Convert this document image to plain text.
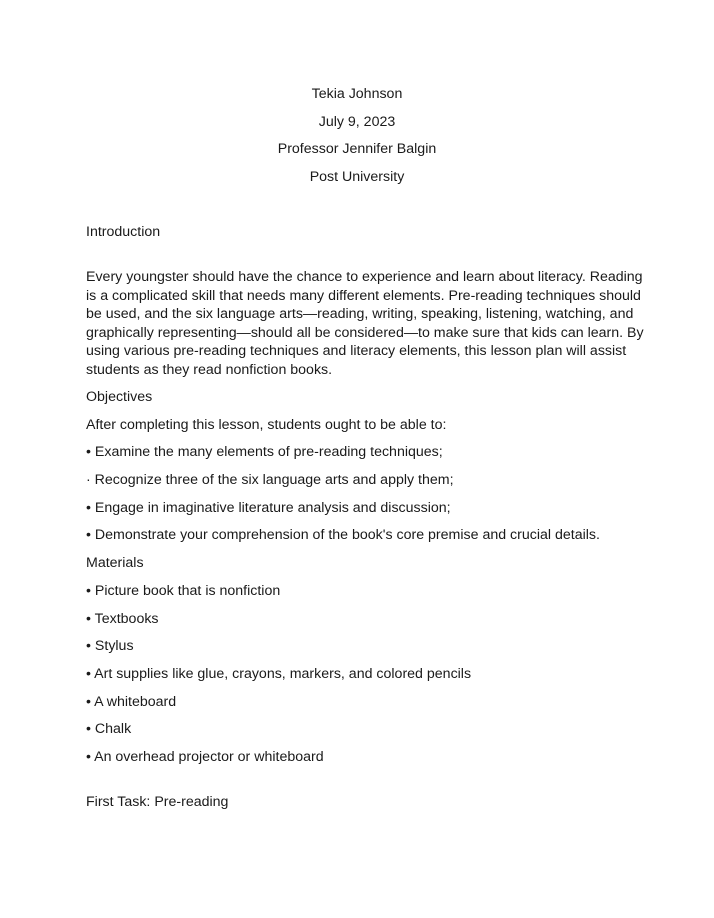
Tekia Johnson
July 9, 2023
Professor Jennifer Balgin
Post University
Introduction
Every youngster should have the chance to experience and learn about literacy. Reading is a complicated skill that needs many different elements. Pre-reading techniques should be used, and the six language arts—reading, writing, speaking, listening, watching, and graphically representing—should all be considered—to make sure that kids can learn. By using various pre-reading techniques and literacy elements, this lesson plan will assist students as they read nonfiction books.
Objectives
After completing this lesson, students ought to be able to:
• Examine the many elements of pre-reading techniques;
· Recognize three of the six language arts and apply them;
• Engage in imaginative literature analysis and discussion;
• Demonstrate your comprehension of the book's core premise and crucial details.
Materials
• Picture book that is nonfiction
• Textbooks
• Stylus
• Art supplies like glue, crayons, markers, and colored pencils
• A whiteboard
• Chalk
• An overhead projector or whiteboard
First Task: Pre-reading
